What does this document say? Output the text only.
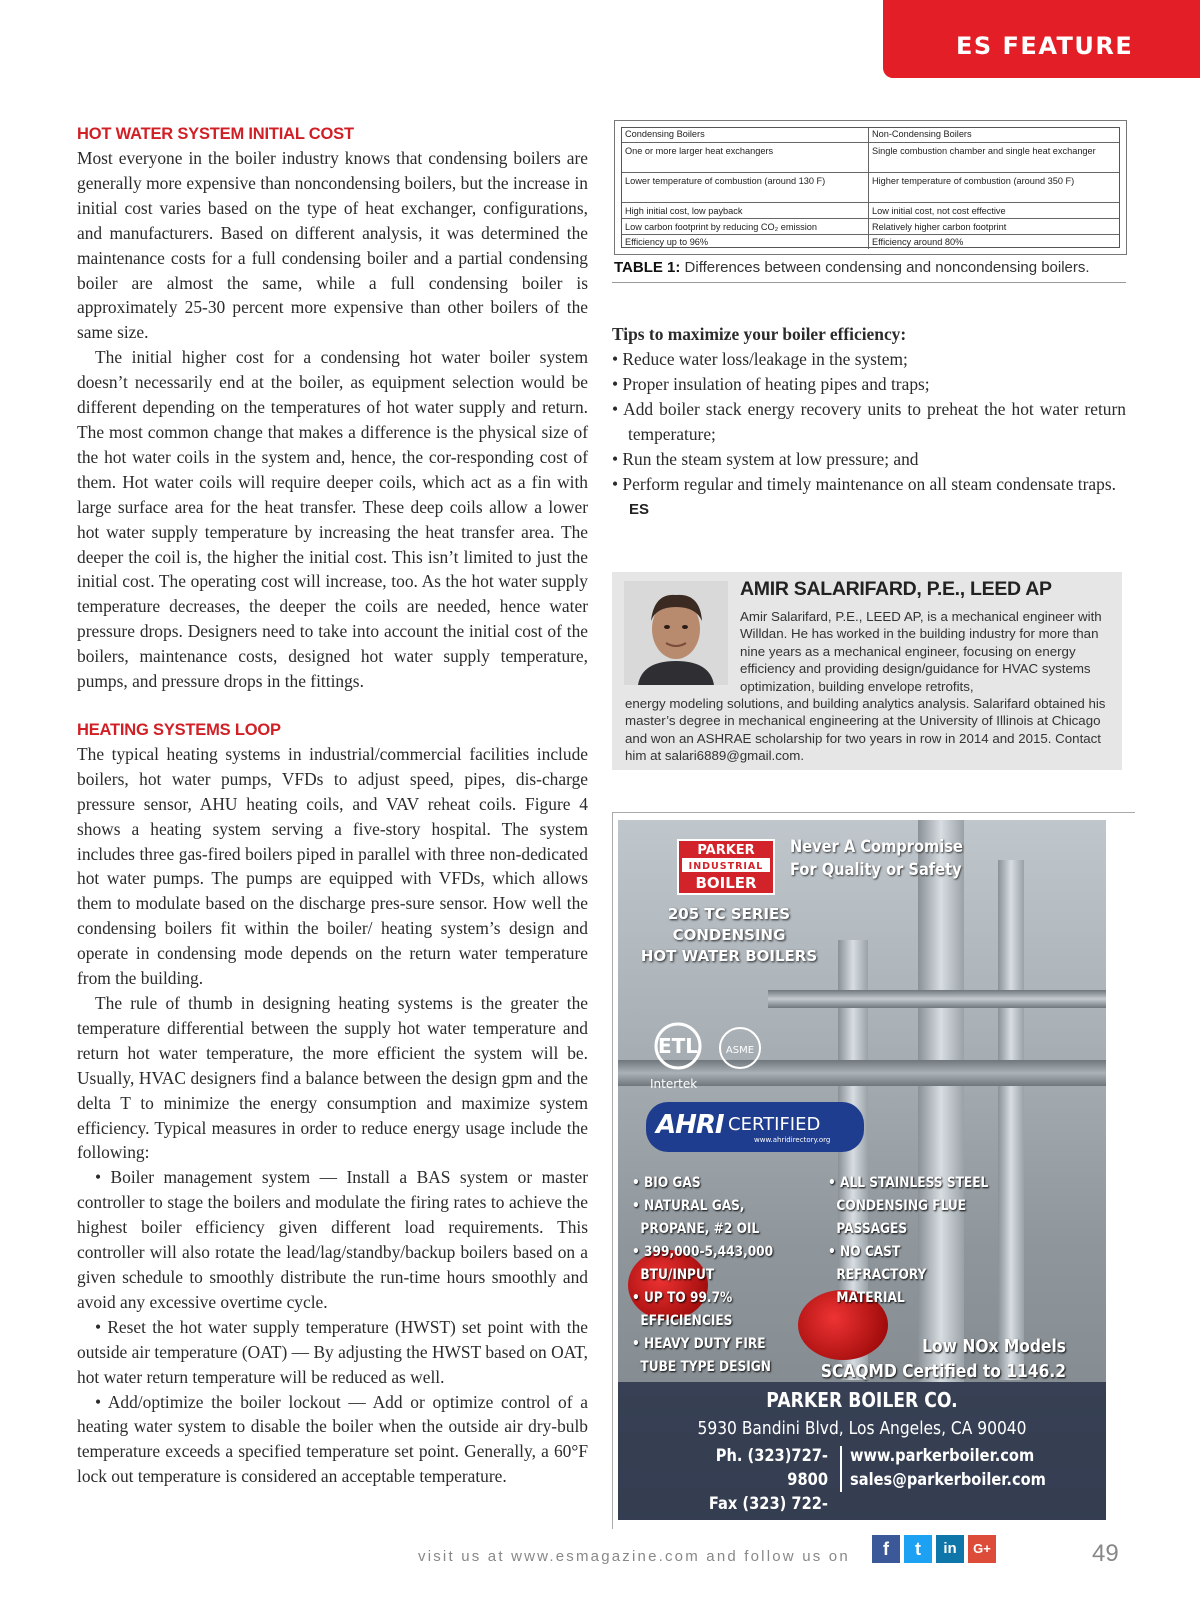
ES FEATURE
HOT WATER SYSTEM INITIAL COST

Most everyone in the boiler industry knows that condensing boilers are generally more expensive than noncondensing boilers, but the increase in initial cost varies based on the type of heat exchanger, configurations, and manufacturers. Based on different analysis, it was determined the maintenance costs for a full condensing boiler and a partial condensing boiler are almost the same, while a full condensing boiler is approximately 25-30 percent more expensive than other boilers of the same size.

The initial higher cost for a condensing hot water boiler system doesn’t necessarily end at the boiler, as equipment selection would be different depending on the temperatures of hot water supply and return. The most common change that makes a difference is the physical size of the hot water coils in the system and, hence, the cor-responding cost of them. Hot water coils will require deeper coils, which act as a fin with large surface area for the heat transfer. These deep coils allow a lower hot water supply temperature by increasing the heat transfer area. The deeper the coil is, the higher the initial cost. This isn’t limited to just the initial cost. The operating cost will increase, too. As the hot water supply temperature decreases, the deeper the coils are needed, hence water pressure drops. Designers need to take into account the initial cost of the boilers, maintenance costs, designed hot water supply temperature, pumps, and pressure drops in the fittings.

HEATING SYSTEMS LOOP

The typical heating systems in industrial/commercial facilities include boilers, hot water pumps, VFDs to adjust speed, pipes, dis-charge pressure sensor, AHU heating coils, and VAV reheat coils. Figure 4 shows a heating system serving a five-story hospital. The system includes three gas-fired boilers piped in parallel with three non-dedicated hot water pumps. The pumps are equipped with VFDs, which allows them to modulate based on the discharge pres-sure sensor. How well the condensing boilers fit within the boiler/ heating system’s design and operate in condensing mode depends on the return water temperature from the building.

The rule of thumb in designing heating systems is the greater the temperature differential between the supply hot water temperature and return hot water temperature, the more efficient the system will be. Usually, HVAC designers find a balance between the design gpm and the delta T to minimize the energy consumption and maximize system efficiency. Typical measures in order to reduce energy usage include the following:

• Boiler management system — Install a BAS system or master controller to stage the boilers and modulate the firing rates to achieve the highest boiler efficiency given different load requirements. This controller will also rotate the lead/lag/standby/backup boilers based on a given schedule to smoothly distribute the run-time hours smoothly and avoid any excessive overtime cycle.

• Reset the hot water supply temperature (HWST) set point with the outside air temperature (OAT) — By adjusting the HWST based on OAT, hot water return temperature will be reduced as well.

• Add/optimize the boiler lockout — Add or optimize control of a heating water system to disable the boiler when the outside air dry-bulb temperature exceeds a specified temperature set point. Generally, a 60°F lock out temperature is considered an acceptable temperature.

Condensing Boilers	Non-Condensing Boilers
One or more larger heat exchangers	Single combustion chamber and single heat exchanger
Lower temperature of combustion (around 130 F)	Higher temperature of combustion (around 350 F)
High initial cost, low payback	Low initial cost, not cost effective
Low carbon footprint by reducing CO₂ emission	Relatively higher carbon footprint
Efficiency up to 96%	Efficiency around 80%
TABLE 1: Differences between condensing and noncondensing boilers.
Tips to maximize your boiler efficiency:
• Reduce water loss/leakage in the system;
• Proper insulation of heating pipes and traps;
• Add boiler stack energy recovery units to preheat the hot water return temperature;
• Run the steam system at low pressure; and
• Perform regular and timely maintenance on all steam condensate traps.
ES
AMIR SALARIFARD, P.E., LEED AP
Amir Salarifard, P.E., LEED AP, is a mechanical engineer with Willdan. He has worked in the building industry for more than nine years as a mechanical engineer, focusing on energy efficiency and providing design/guidance for HVAC systems optimization, building envelope retrofits,
energy modeling solutions, and building analytics analysis. Salarifard obtained his master’s degree in mechanical engineering at the University of Illinois at Chicago and won an ASHRAE scholarship for two years in row in 2014 and 2015. Contact him at salari6889@gmail.com.
PARKER
INDUSTRIAL
BOILER
Never A Compromise
For Quality or Safety
205 TC SERIES
CONDENSING
HOT WATER BOILERS
ETL
Intertek
ASME
AHRI CERTIFIED
www.ahridirectory.org
• BIO GAS
• NATURAL GAS,
PROPANE, #2 OIL
• 399,000-5,443,000
BTU/INPUT
• UP TO 99.7%
EFFICIENCIES
• HEAVY DUTY FIRE
TUBE TYPE DESIGN
• ALL STAINLESS STEEL
CONDENSING FLUE
PASSAGES
• NO CAST
REFRACTORY
MATERIAL
Low NOx Models
SCAQMD Certified to 1146.2
PARKER BOILER CO.
5930 Bandini Blvd, Los Angeles, CA 90040
Ph. (323)727-9800
Fax (323) 722-2848
www.parkerboiler.com
sales@parkerboiler.com
visit us at www.esmagazine.com and follow us on	f	t	in	G+	49
